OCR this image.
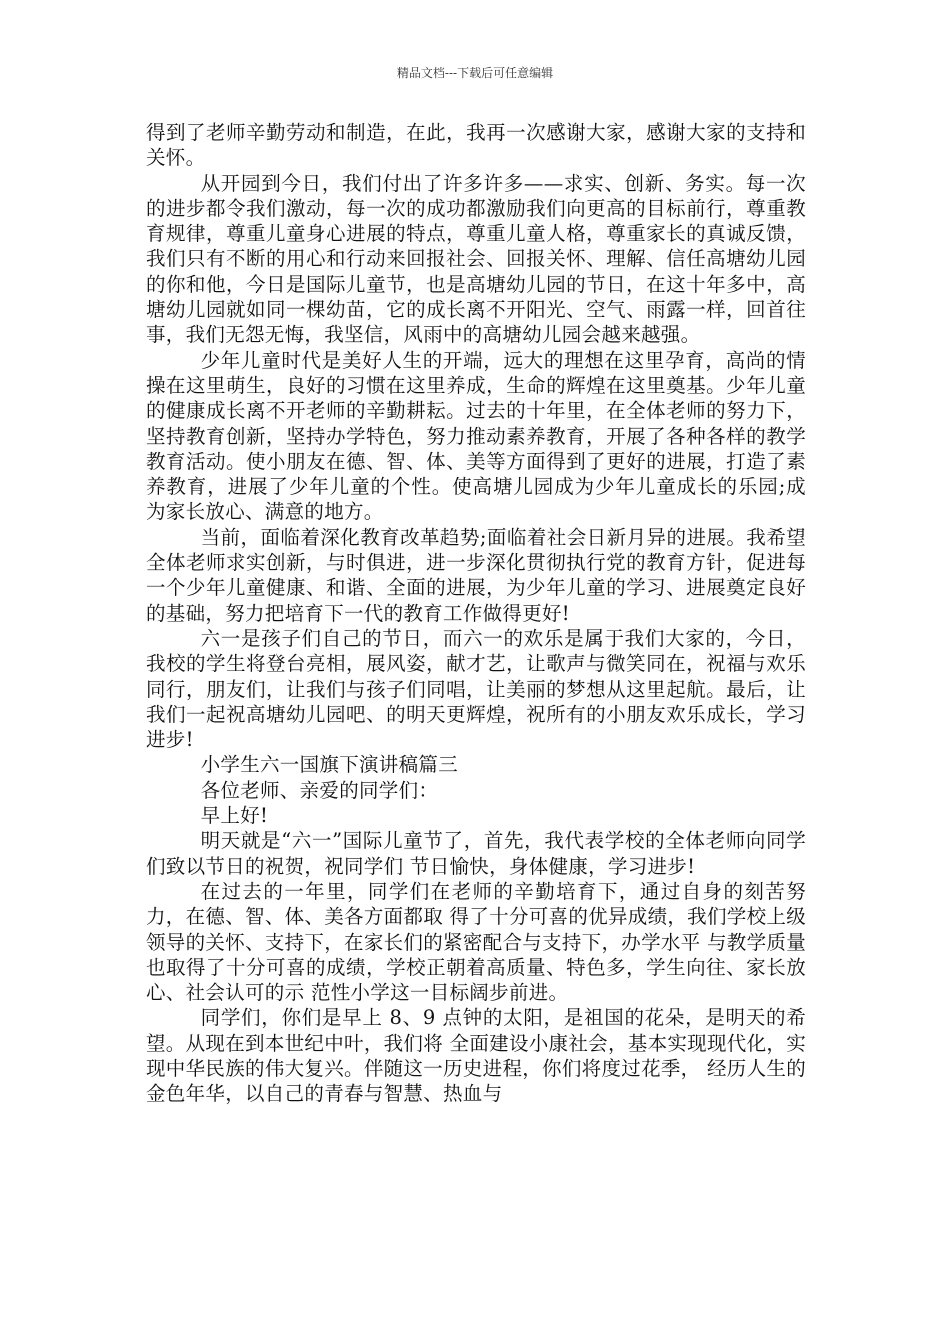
精品文档---下载后可任意编辑

得到了老师辛勤劳动和制造，在此，我再一次感谢大家，感谢大家的支持和关怀。

从开园到今日，我们付出了许多许多——求实、创新、务实。每一次的进步都令我们激动，每一次的成功都激励我们向更高的目标前行，尊重教育规律，尊重儿童身心进展的特点，尊重儿童人格，尊重家长的真诚反馈，我们只有不断的用心和行动来回报社会、回报关怀、理解、信任高塘幼儿园的你和他，今日是国际儿童节，也是高塘幼儿园的节日，在这十年多中，高塘幼儿园就如同一棵幼苗，它的成长离不开阳光、空气、雨露一样，回首往事，我们无怨无悔，我坚信，风雨中的高塘幼儿园会越来越强。

少年儿童时代是美好人生的开端，远大的理想在这里孕育，高尚的情操在这里萌生，良好的习惯在这里养成，生命的辉煌在这里奠基。少年儿童的健康成长离不开老师的辛勤耕耘。过去的十年里，在全体老师的努力下，坚持教育创新，坚持办学特色，努力推动素养教育，开展了各种各样的教学教育活动。使小朋友在德、智、体、美等方面得到了更好的进展，打造了素养教育，进展了少年儿童的个性。使高塘儿园成为少年儿童成长的乐园;成为家长放心、满意的地方。

当前，面临着深化教育改革趋势;面临着社会日新月异的进展。我希望全体老师求实创新，与时俱进，进一步深化贯彻执行党的教育方针，促进每一个少年儿童健康、和谐、全面的进展，为少年儿童的学习、进展奠定良好的基础，努力把培育下一代的教育工作做得更好!

六一是孩子们自己的节日，而六一的欢乐是属于我们大家的，今日，我校的学生将登台亮相，展风姿，献才艺，让歌声与微笑同在，祝福与欢乐同行，朋友们，让我们与孩子们同唱，让美丽的梦想从这里起航。最后，让我们一起祝高塘幼儿园吧、的明天更辉煌，祝所有的小朋友欢乐成长，学习进步!

小学生六一国旗下演讲稿篇三

各位老师、亲爱的同学们：

早上好!

明天就是“六一”国际儿童节了，首先，我代表学校的全体老师向同学们致以节日的祝贺，祝同学们 节日愉快，身体健康，学习进步!

在过去的一年里，同学们在老师的辛勤培育下，通过自身的刻苦努力，在德、智、体、美各方面都取 得了十分可喜的优异成绩，我们学校上级领导的关怀、支持下，在家长们的紧密配合与支持下，办学水平 与教学质量也取得了十分可喜的成绩，学校正朝着高质量、特色多，学生向往、家长放心、社会认可的示 范性小学这一目标阔步前进。

同学们，你们是早上 8、9 点钟的太阳，是祖国的花朵，是明天的希望。从现在到本世纪中叶，我们将 全面建设小康社会，基本实现现代化，实现中华民族的伟大复兴。伴随这一历史进程，你们将度过花季， 经历人生的金色年华，以自己的青春与智慧、热血与
